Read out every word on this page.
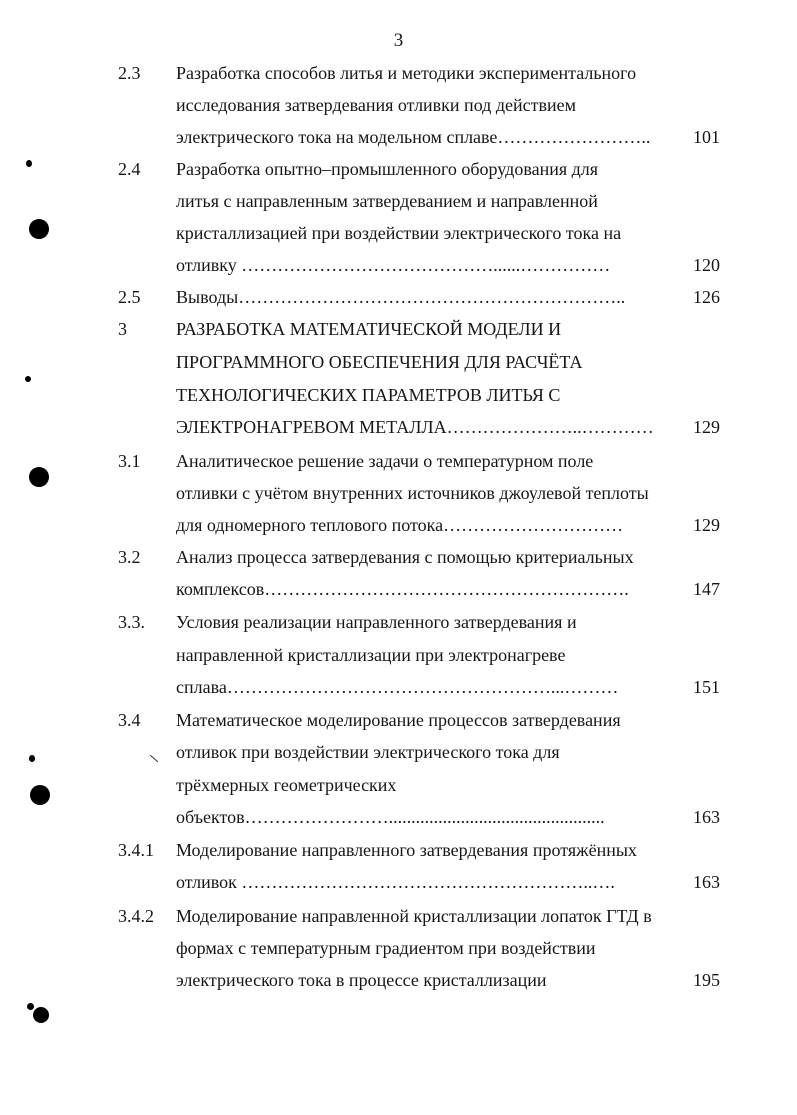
3
2.3 Разработка способов литья и методики экспериментального
исследования затвердевания отливки под действием
электрического тока на модельном сплаве……………………..	101
2.4 Разработка опытно–промышленного оборудования для
литья с направленным затвердеванием и направленной
кристаллизацией при воздействии электрического тока на
отливку ……………………………………......……………	120
2.5 Выводы………………………………………………………..	126
3	РАЗРАБОТКА МАТЕМАТИЧЕСКОЙ МОДЕЛИ И
ПРОГРАММНОГО ОБЕСПЕЧЕНИЯ ДЛЯ РАСЧЁТА
ТЕХНОЛОГИЧЕСКИХ ПАРАМЕТРОВ ЛИТЬЯ С
ЭЛЕКТРОНАГРЕВОМ МЕТАЛЛА…………………..…………	129
3.1 Аналитическое решение задачи о температурном поле
отливки с учётом внутренних источников джоулевой теплоты
для одномерного теплового потока…………………………	129
3.2 Анализ процесса затвердевания с помощью критериальных
комплексов…………………………………………………….	147
3.3. Условия реализации направленного затвердевания и
направленной кристаллизации при электронагреве
сплава………………………………………………...………	151
3.4 Математическое моделирование процессов затвердевания
отливок при воздействии электрического тока для
трёхмерных геометрических
объектов……………………................................................	163
3.4.1 Моделирование направленного затвердевания протяжённых
отливок …………………………………………………..….	163
3.4.2 Моделирование направленной кристаллизации лопаток ГТД в
формах с температурным градиентом при воздействии
электрического тока в процессе кристаллизации	195
